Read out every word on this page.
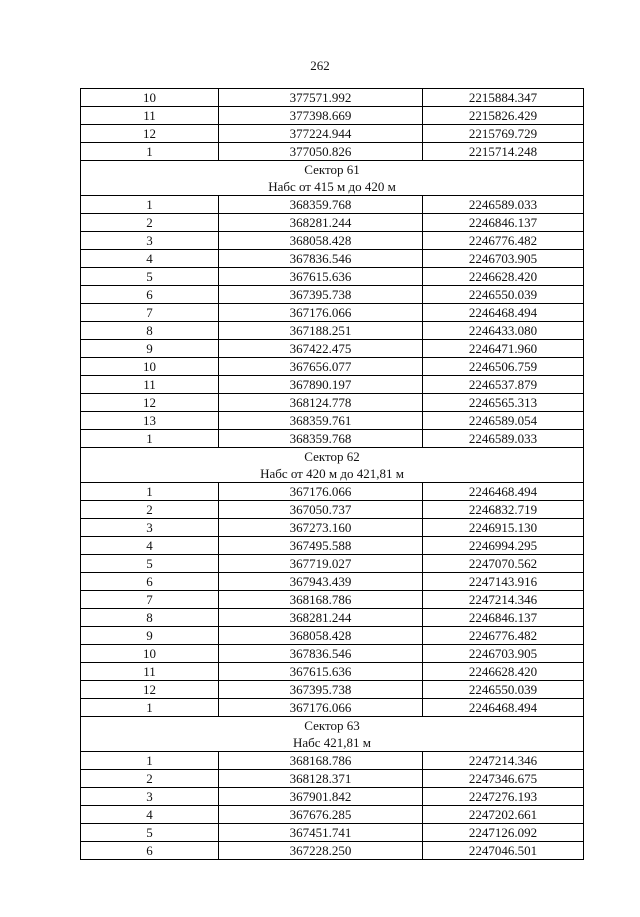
262
10	377571.992	2215884.347
11	377398.669	2215826.429
12	377224.944	2215769.729
1	377050.826	2215714.248

Сектор 61
Набс от 415 м до 420 м		

1	368359.768	2246589.033
2	368281.244	2246846.137
3	368058.428	2246776.482
4	367836.546	2246703.905
5	367615.636	2246628.420
6	367395.738	2246550.039
7	367176.066	2246468.494
8	367188.251	2246433.080
9	367422.475	2246471.960
10	367656.077	2246506.759
11	367890.197	2246537.879
12	368124.778	2246565.313
13	368359.761	2246589.054
1	368359.768	2246589.033

Сектор 62
Набс от 420 м до 421,81 м		

1	367176.066	2246468.494
2	367050.737	2246832.719
3	367273.160	2246915.130
4	367495.588	2246994.295
5	367719.027	2247070.562
6	367943.439	2247143.916
7	368168.786	2247214.346
8	368281.244	2246846.137
9	368058.428	2246776.482
10	367836.546	2246703.905
11	367615.636	2246628.420
12	367395.738	2246550.039
1	367176.066	2246468.494

Сектор 63
Набс 421,81 м		

1	368168.786	2247214.346
2	368128.371	2247346.675
3	367901.842	2247276.193
4	367676.285	2247202.661
5	367451.741	2247126.092
6	367228.250	2247046.501
